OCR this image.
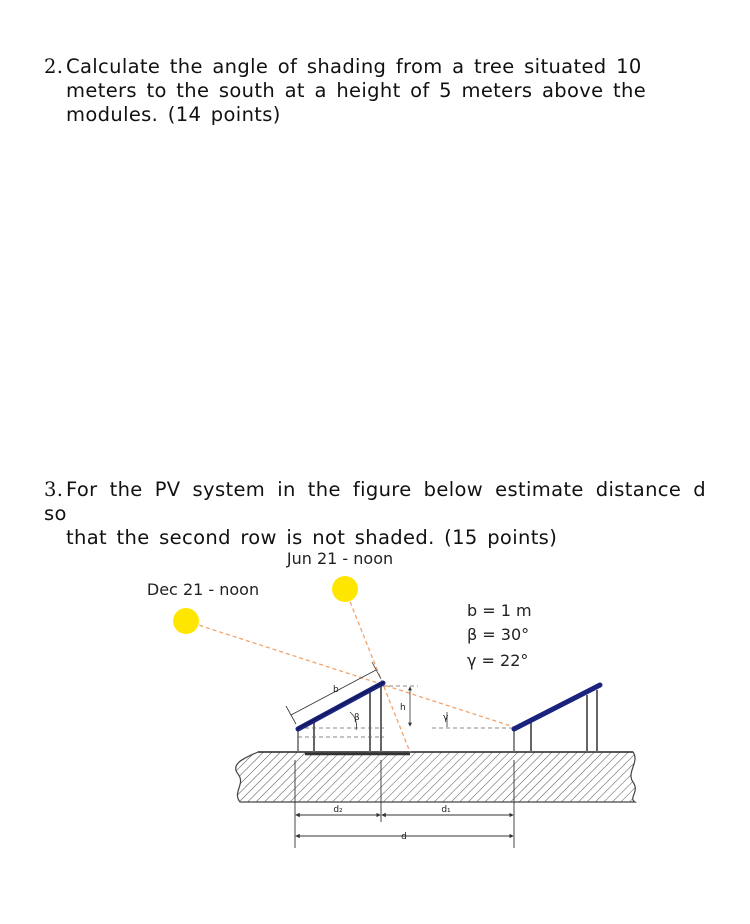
2. Calculate the angle of shading from a tree situated 10
meters to the south at a height of 5 meters above the
modules. (14 points)
3. For the PV system in the figure below estimate distance d so
that the second row is not shaded. (15 points)
Jun 21 - noon
Dec 21 - noon
b = 1 m
β = 30°
γ = 22°
b
β
h
γ
d₂	d₁
d
